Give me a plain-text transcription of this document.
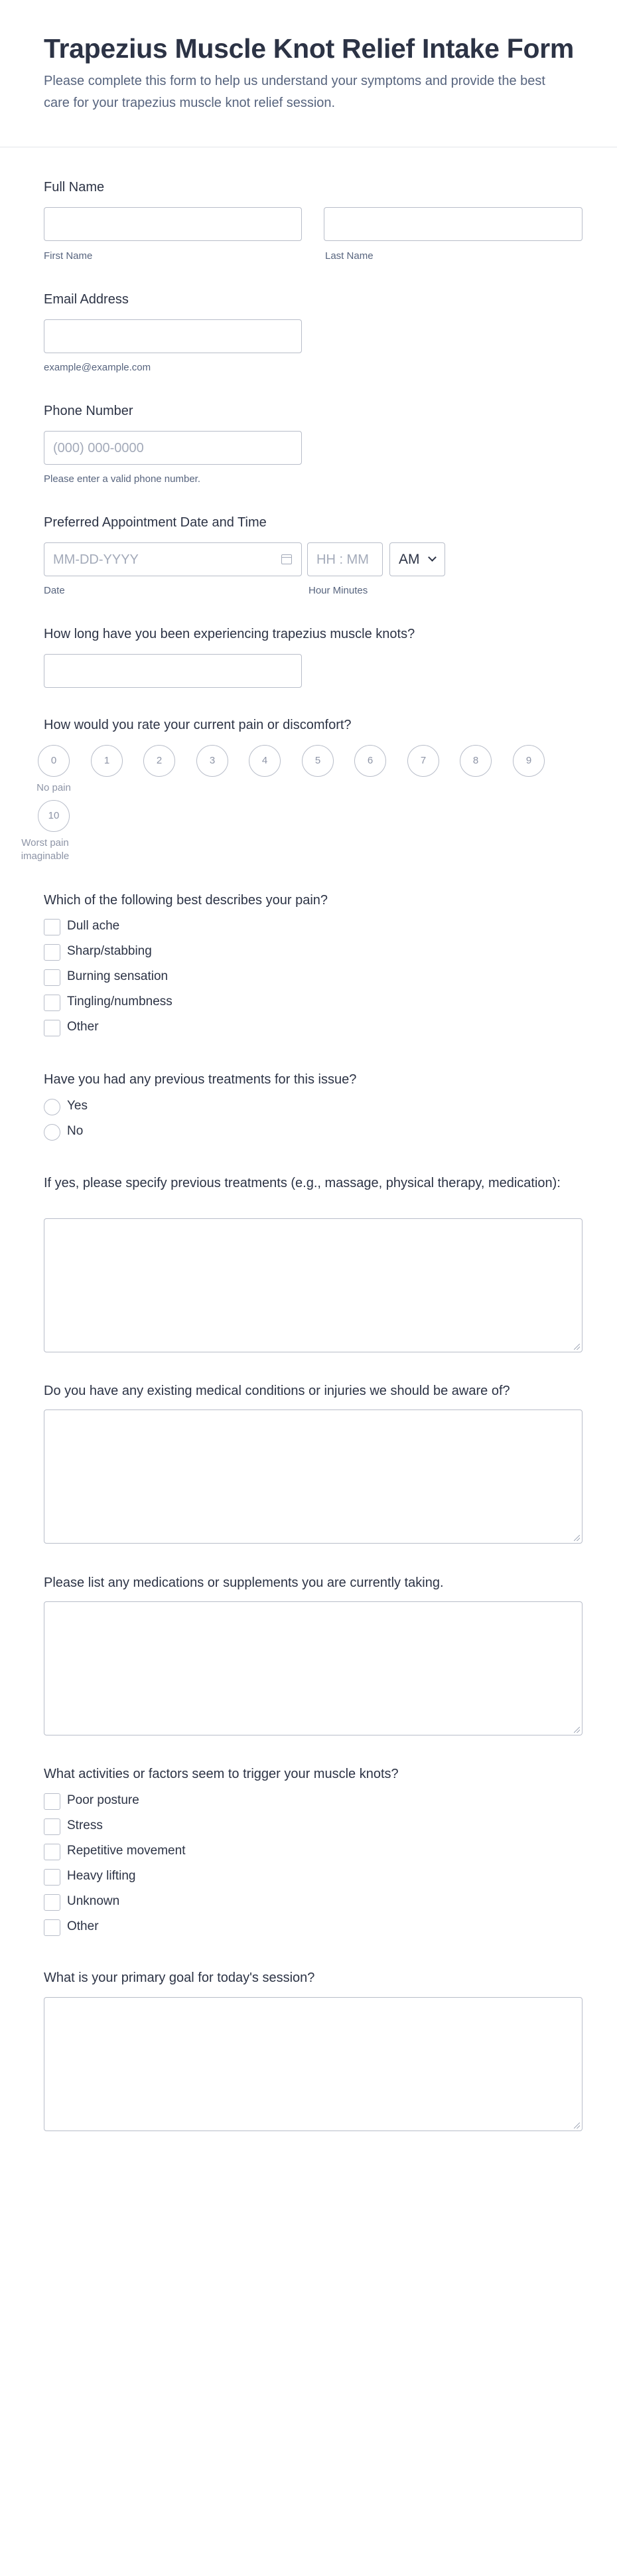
Trapezius Muscle Knot Relief Intake Form

Please complete this form to help us understand your symptoms and provide the best care for your trapezius muscle knot relief session.

Full Name
First Name	Last Name
Email Address
example@example.com
Phone Number
(000) 000-0000
Please enter a valid phone number.
Preferred Appointment Date and Time
MM-DD-YYYY
Date
HH : MM
Hour Minutes
AM
How long have you been experiencing trapezius muscle knots?
How would you rate your current pain or discomfort?
0	1	2	3	4	5	6	7	8	9
No pain
10
Worst pain imaginable
Which of the following best describes your pain?
Dull ache
Sharp/stabbing
Burning sensation
Tingling/numbness
Other
Have you had any previous treatments for this issue?
Yes
No
If yes, please specify previous treatments (e.g., massage, physical therapy, medication):
Do you have any existing medical conditions or injuries we should be aware of?
Please list any medications or supplements you are currently taking.
What activities or factors seem to trigger your muscle knots?
Poor posture
Stress
Repetitive movement
Heavy lifting
Unknown
Other
What is your primary goal for today's session?
